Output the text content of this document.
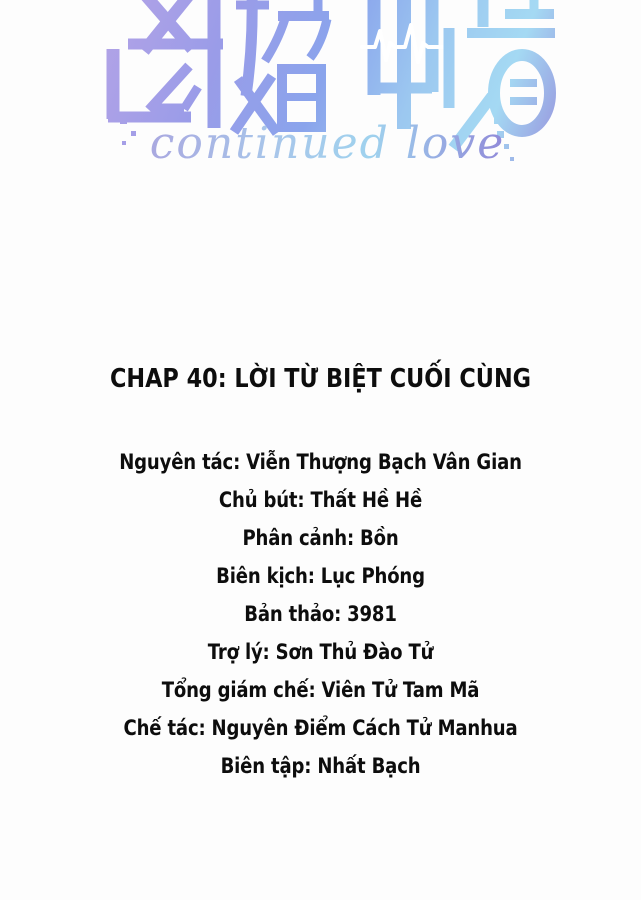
continued love
CHAP 40: LỜI TỪ BIỆT CUỐI CÙNG
Nguyên tác: Viễn Thượng Bạch Vân Gian
Chủ bút: Thất Hề Hề
Phân cảnh: Bồn
Biên kịch: Lục Phóng
Bản thảo: 3981
Trợ lý: Sơn Thủ Đào Tử
Tổng giám chế: Viên Tử Tam Mã
Chế tác: Nguyên Điểm Cách Tử Manhua
Biên tập: Nhất Bạch
